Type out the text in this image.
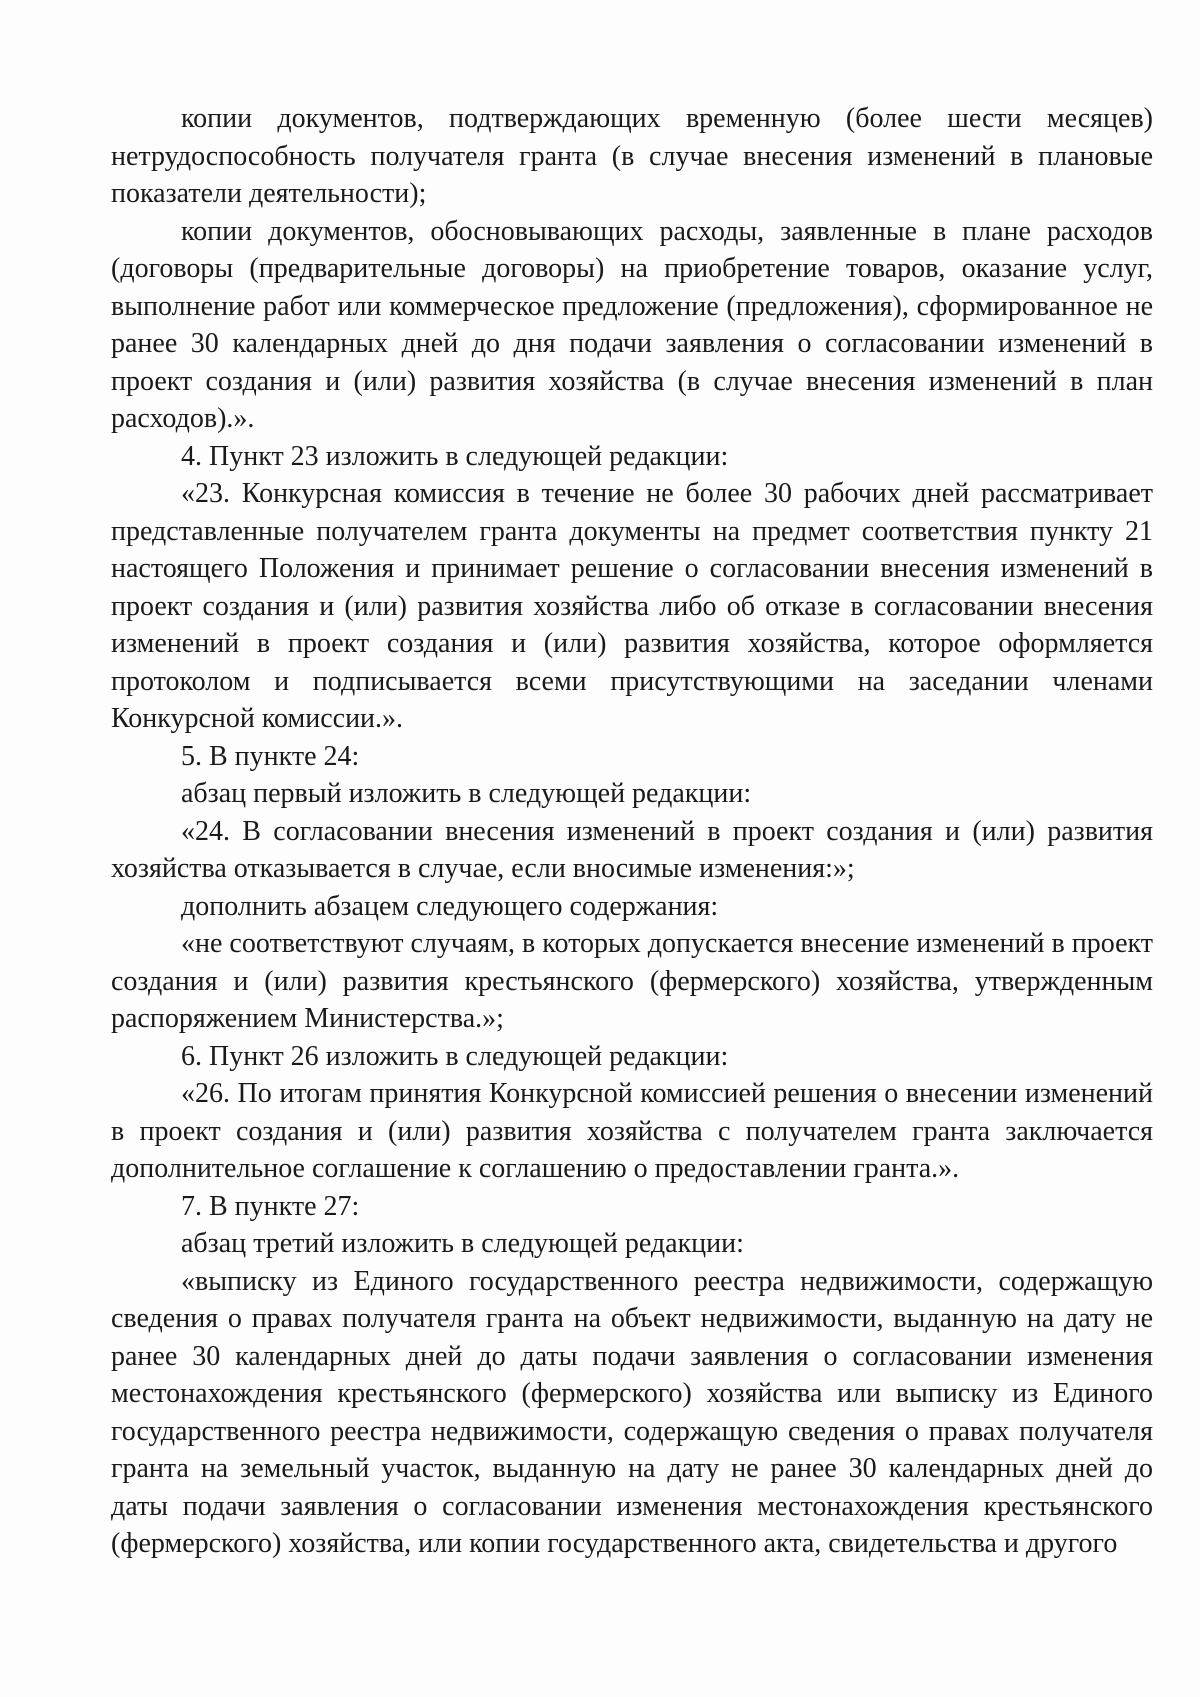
копии документов, подтверждающих временную (более шести месяцев) нетрудоспособность получателя гранта (в случае внесения изменений в плановые показатели деятельности);

копии документов, обосновывающих расходы, заявленные в плане расходов (договоры (предварительные договоры) на приобретение товаров, оказание услуг, выполнение работ или коммерческое предложение (предложения), сформированное не ранее 30 календарных дней до дня подачи заявления о согласовании изменений в проект создания и (или) развития хозяйства (в случае внесения изменений в план расходов).».

4. Пункт 23 изложить в следующей редакции:

«23. Конкурсная комиссия в течение не более 30 рабочих дней рассматривает представленные получателем гранта документы на предмет соответствия пункту 21 настоящего Положения и принимает решение о согласовании внесения изменений в проект создания и (или) развития хозяйства либо об отказе в согласовании внесения изменений в проект создания и (или) развития хозяйства, которое оформляется протоколом и подписывается всеми присутствующими на заседании членами Конкурсной комиссии.».

5. В пункте 24:

абзац первый изложить в следующей редакции:

«24. В согласовании внесения изменений в проект создания и (или) развития хозяйства отказывается в случае, если вносимые изменения:»;

дополнить абзацем следующего содержания:

«не соответствуют случаям, в которых допускается внесение изменений в проект создания и (или) развития крестьянского (фермерского) хозяйства, утвержденным распоряжением Министерства.»;

6. Пункт 26 изложить в следующей редакции:

«26. По итогам принятия Конкурсной комиссией решения о внесении изменений в проект создания и (или) развития хозяйства с получателем гранта заключается дополнительное соглашение к соглашению о предоставлении гранта.».

7. В пункте 27:

абзац третий изложить в следующей редакции:

«выписку из Единого государственного реестра недвижимости, содержащую сведения о правах получателя гранта на объект недвижимости, выданную на дату не ранее 30 календарных дней до даты подачи заявления о согласовании изменения местонахождения крестьянского (фермерского) хозяйства или выписку из Единого государственного реестра недвижимости, содержащую сведения о правах получателя гранта на земельный участок, выданную на дату не ранее 30 календарных дней до даты подачи заявления о согласовании изменения местонахождения крестьянского (фермерского) хозяйства, или копии государственного акта, свидетельства и другого
